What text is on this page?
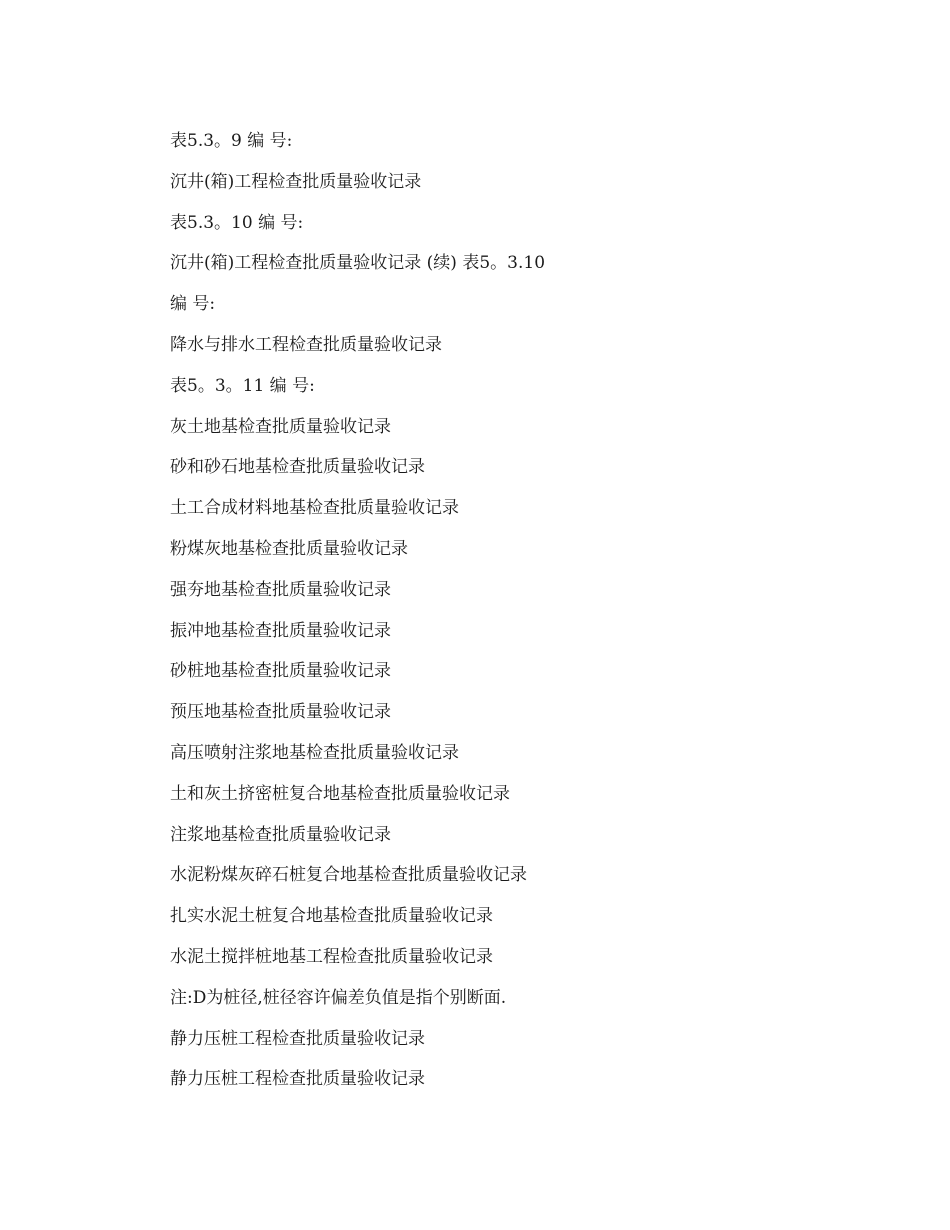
表5.3。9 编 号:

沉井(箱)工程检查批质量验收记录

表5.3。10 编 号:

沉井(箱)工程检查批质量验收记录 (续) 表5。3.10

编 号:

降水与排水工程检查批质量验收记录

表5。3。11 编 号:

灰土地基检查批质量验收记录

砂和砂石地基检查批质量验收记录

土工合成材料地基检查批质量验收记录

粉煤灰地基检查批质量验收记录

强夯地基检查批质量验收记录

振冲地基检查批质量验收记录

砂桩地基检查批质量验收记录

预压地基检查批质量验收记录

高压喷射注浆地基检查批质量验收记录

土和灰土挤密桩复合地基检查批质量验收记录

注浆地基检查批质量验收记录

水泥粉煤灰碎石桩复合地基检查批质量验收记录

扎实水泥土桩复合地基检查批质量验收记录

水泥土搅拌桩地基工程检查批质量验收记录

注:D为桩径,桩径容许偏差负值是指个别断面.

静力压桩工程检查批质量验收记录

静力压桩工程检查批质量验收记录
